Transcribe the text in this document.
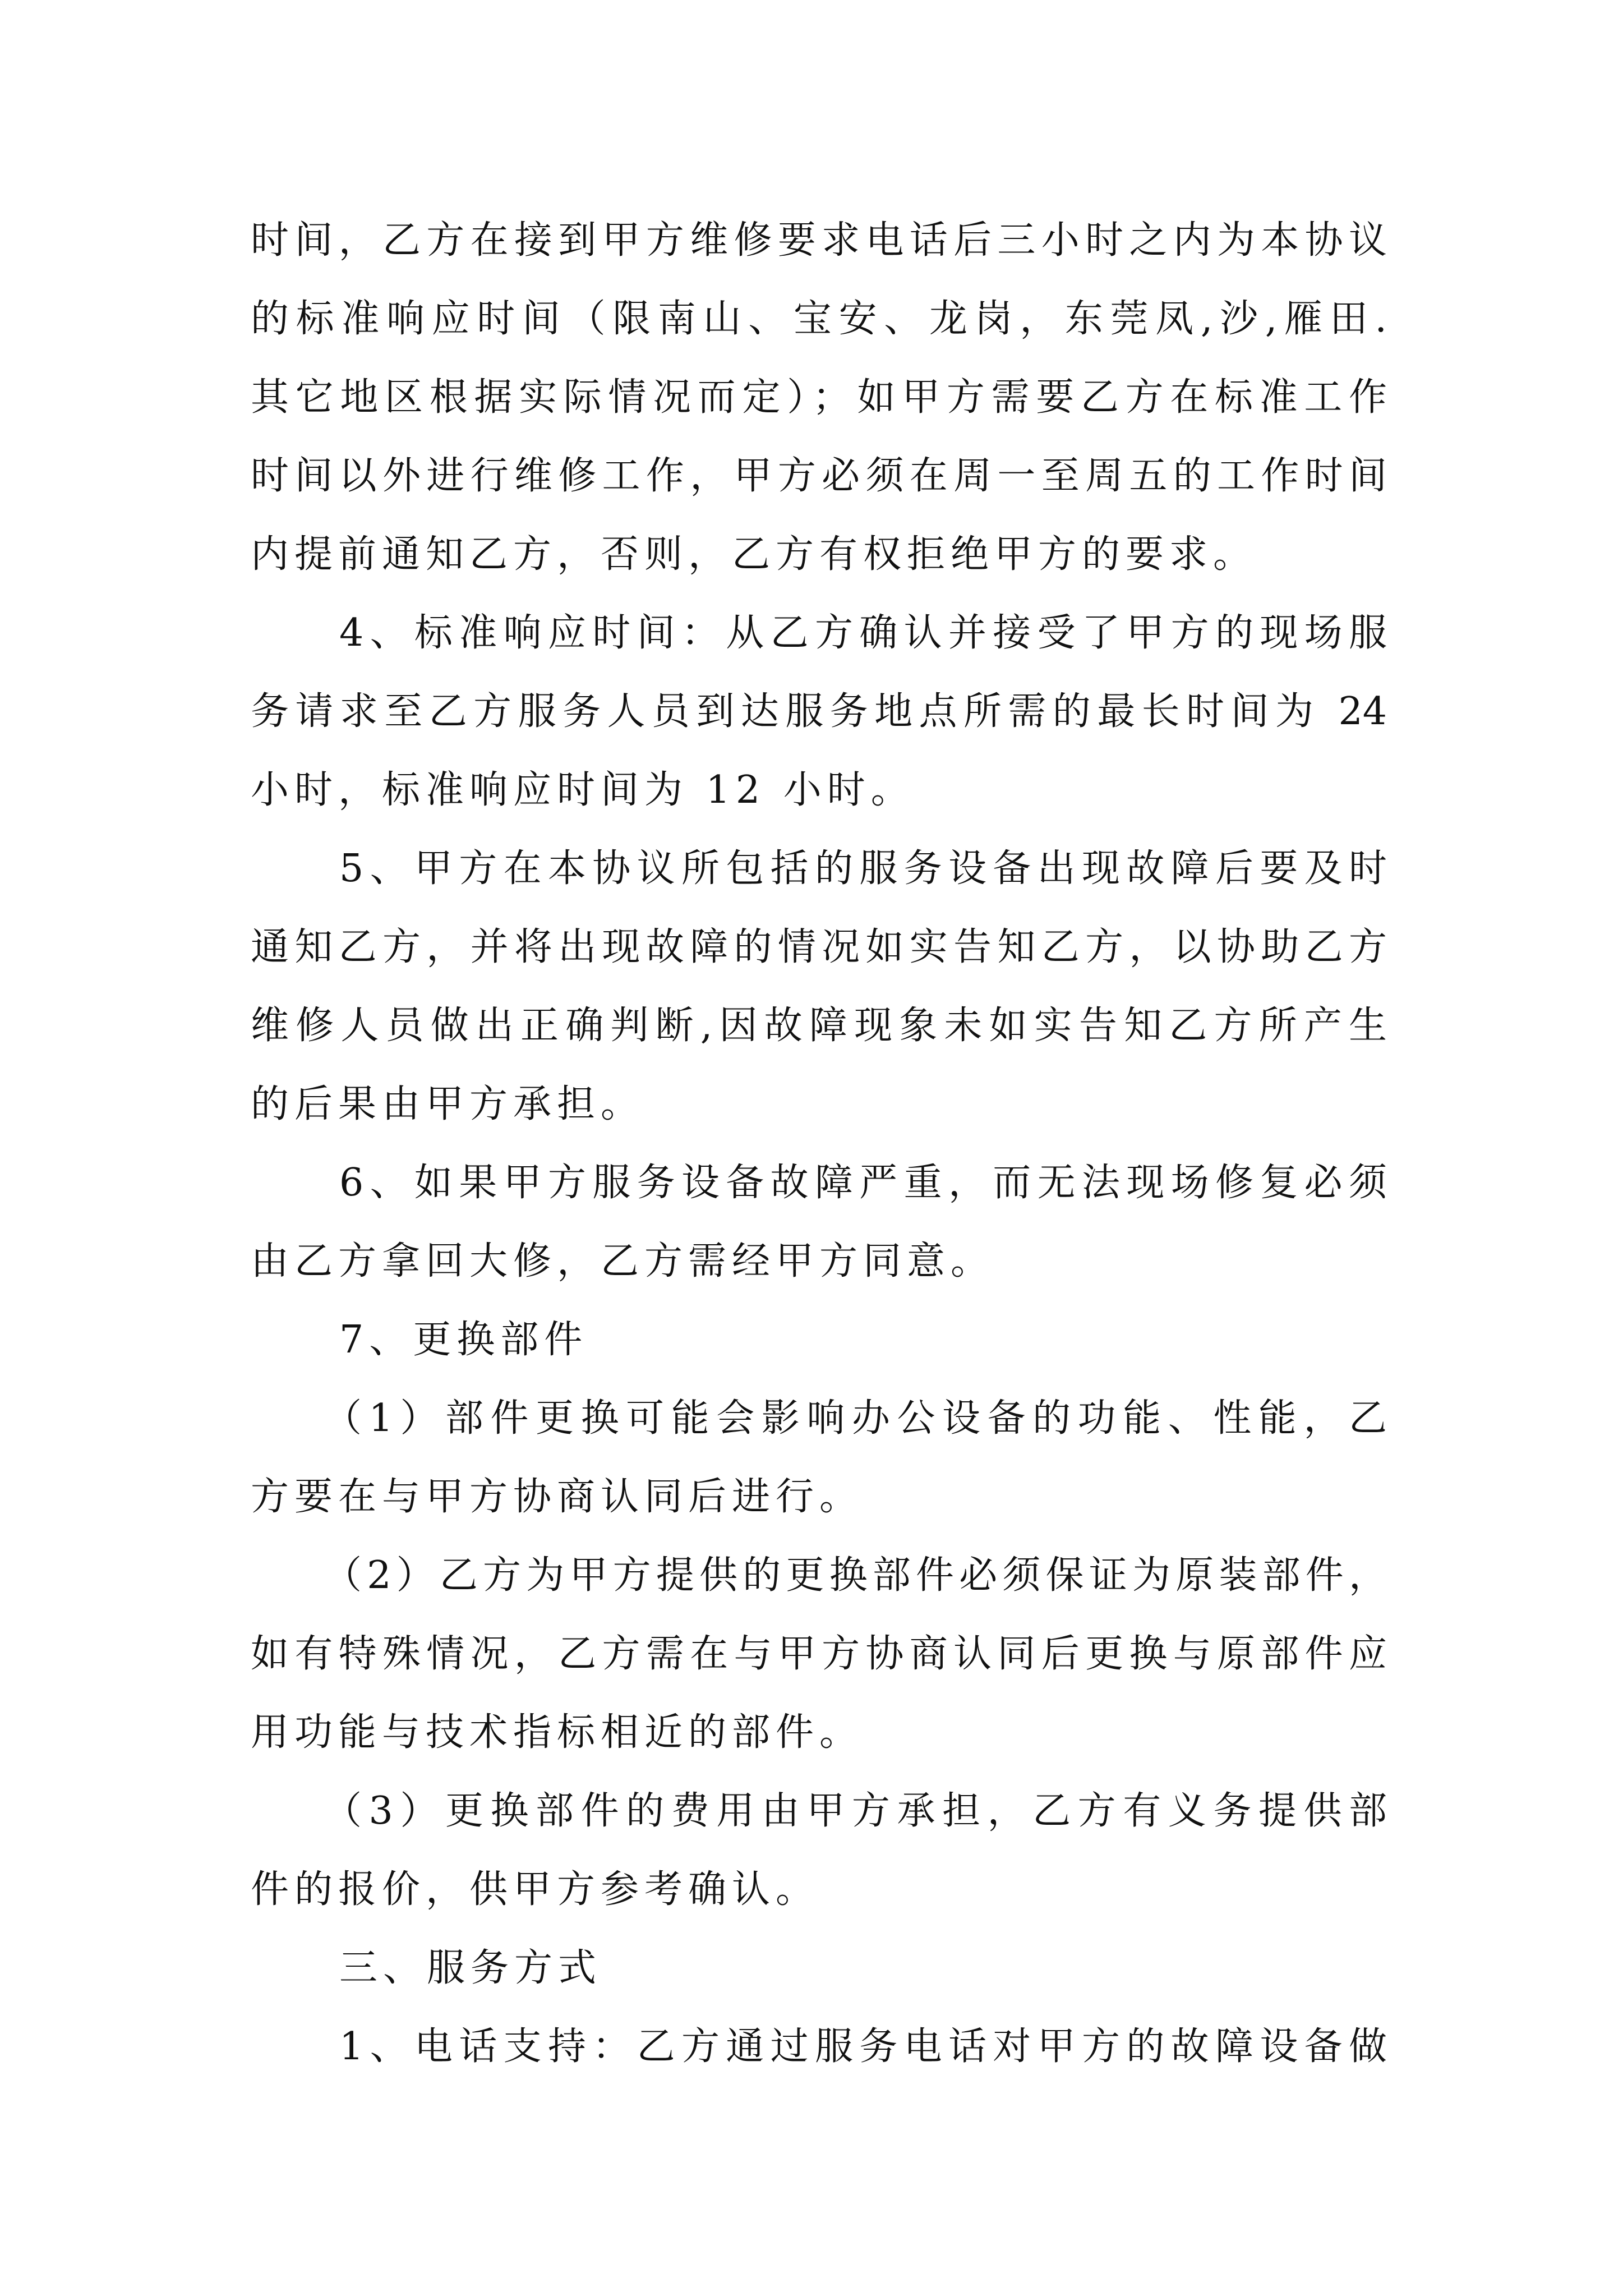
时间，乙方在接到甲方维修要求电话后三小时之内为本协议
的标准响应时间（限南山、宝安、龙岗，东莞凤,沙,雁田.
其它地区根据实际情况而定）；如甲方需要乙方在标准工作
时间以外进行维修工作，甲方必须在周一至周五的工作时间
内提前通知乙方，否则，乙方有权拒绝甲方的要求。
4、标准响应时间：从乙方确认并接受了甲方的现场服
务请求至乙方服务人员到达服务地点所需的最长时间为 24
小时，标准响应时间为 12 小时。
5、甲方在本协议所包括的服务设备出现故障后要及时
通知乙方，并将出现故障的情况如实告知乙方，以协助乙方
维修人员做出正确判断,因故障现象未如实告知乙方所产生
的后果由甲方承担。
6、如果甲方服务设备故障严重，而无法现场修复必须
由乙方拿回大修，乙方需经甲方同意。
7、更换部件
（1）部件更换可能会影响办公设备的功能、性能，乙
方要在与甲方协商认同后进行。
（2）乙方为甲方提供的更换部件必须保证为原装部件，
如有特殊情况，乙方需在与甲方协商认同后更换与原部件应
用功能与技术指标相近的部件。
（3）更换部件的费用由甲方承担，乙方有义务提供部
件的报价，供甲方参考确认。
三、服务方式
1、电话支持：乙方通过服务电话对甲方的故障设备做
